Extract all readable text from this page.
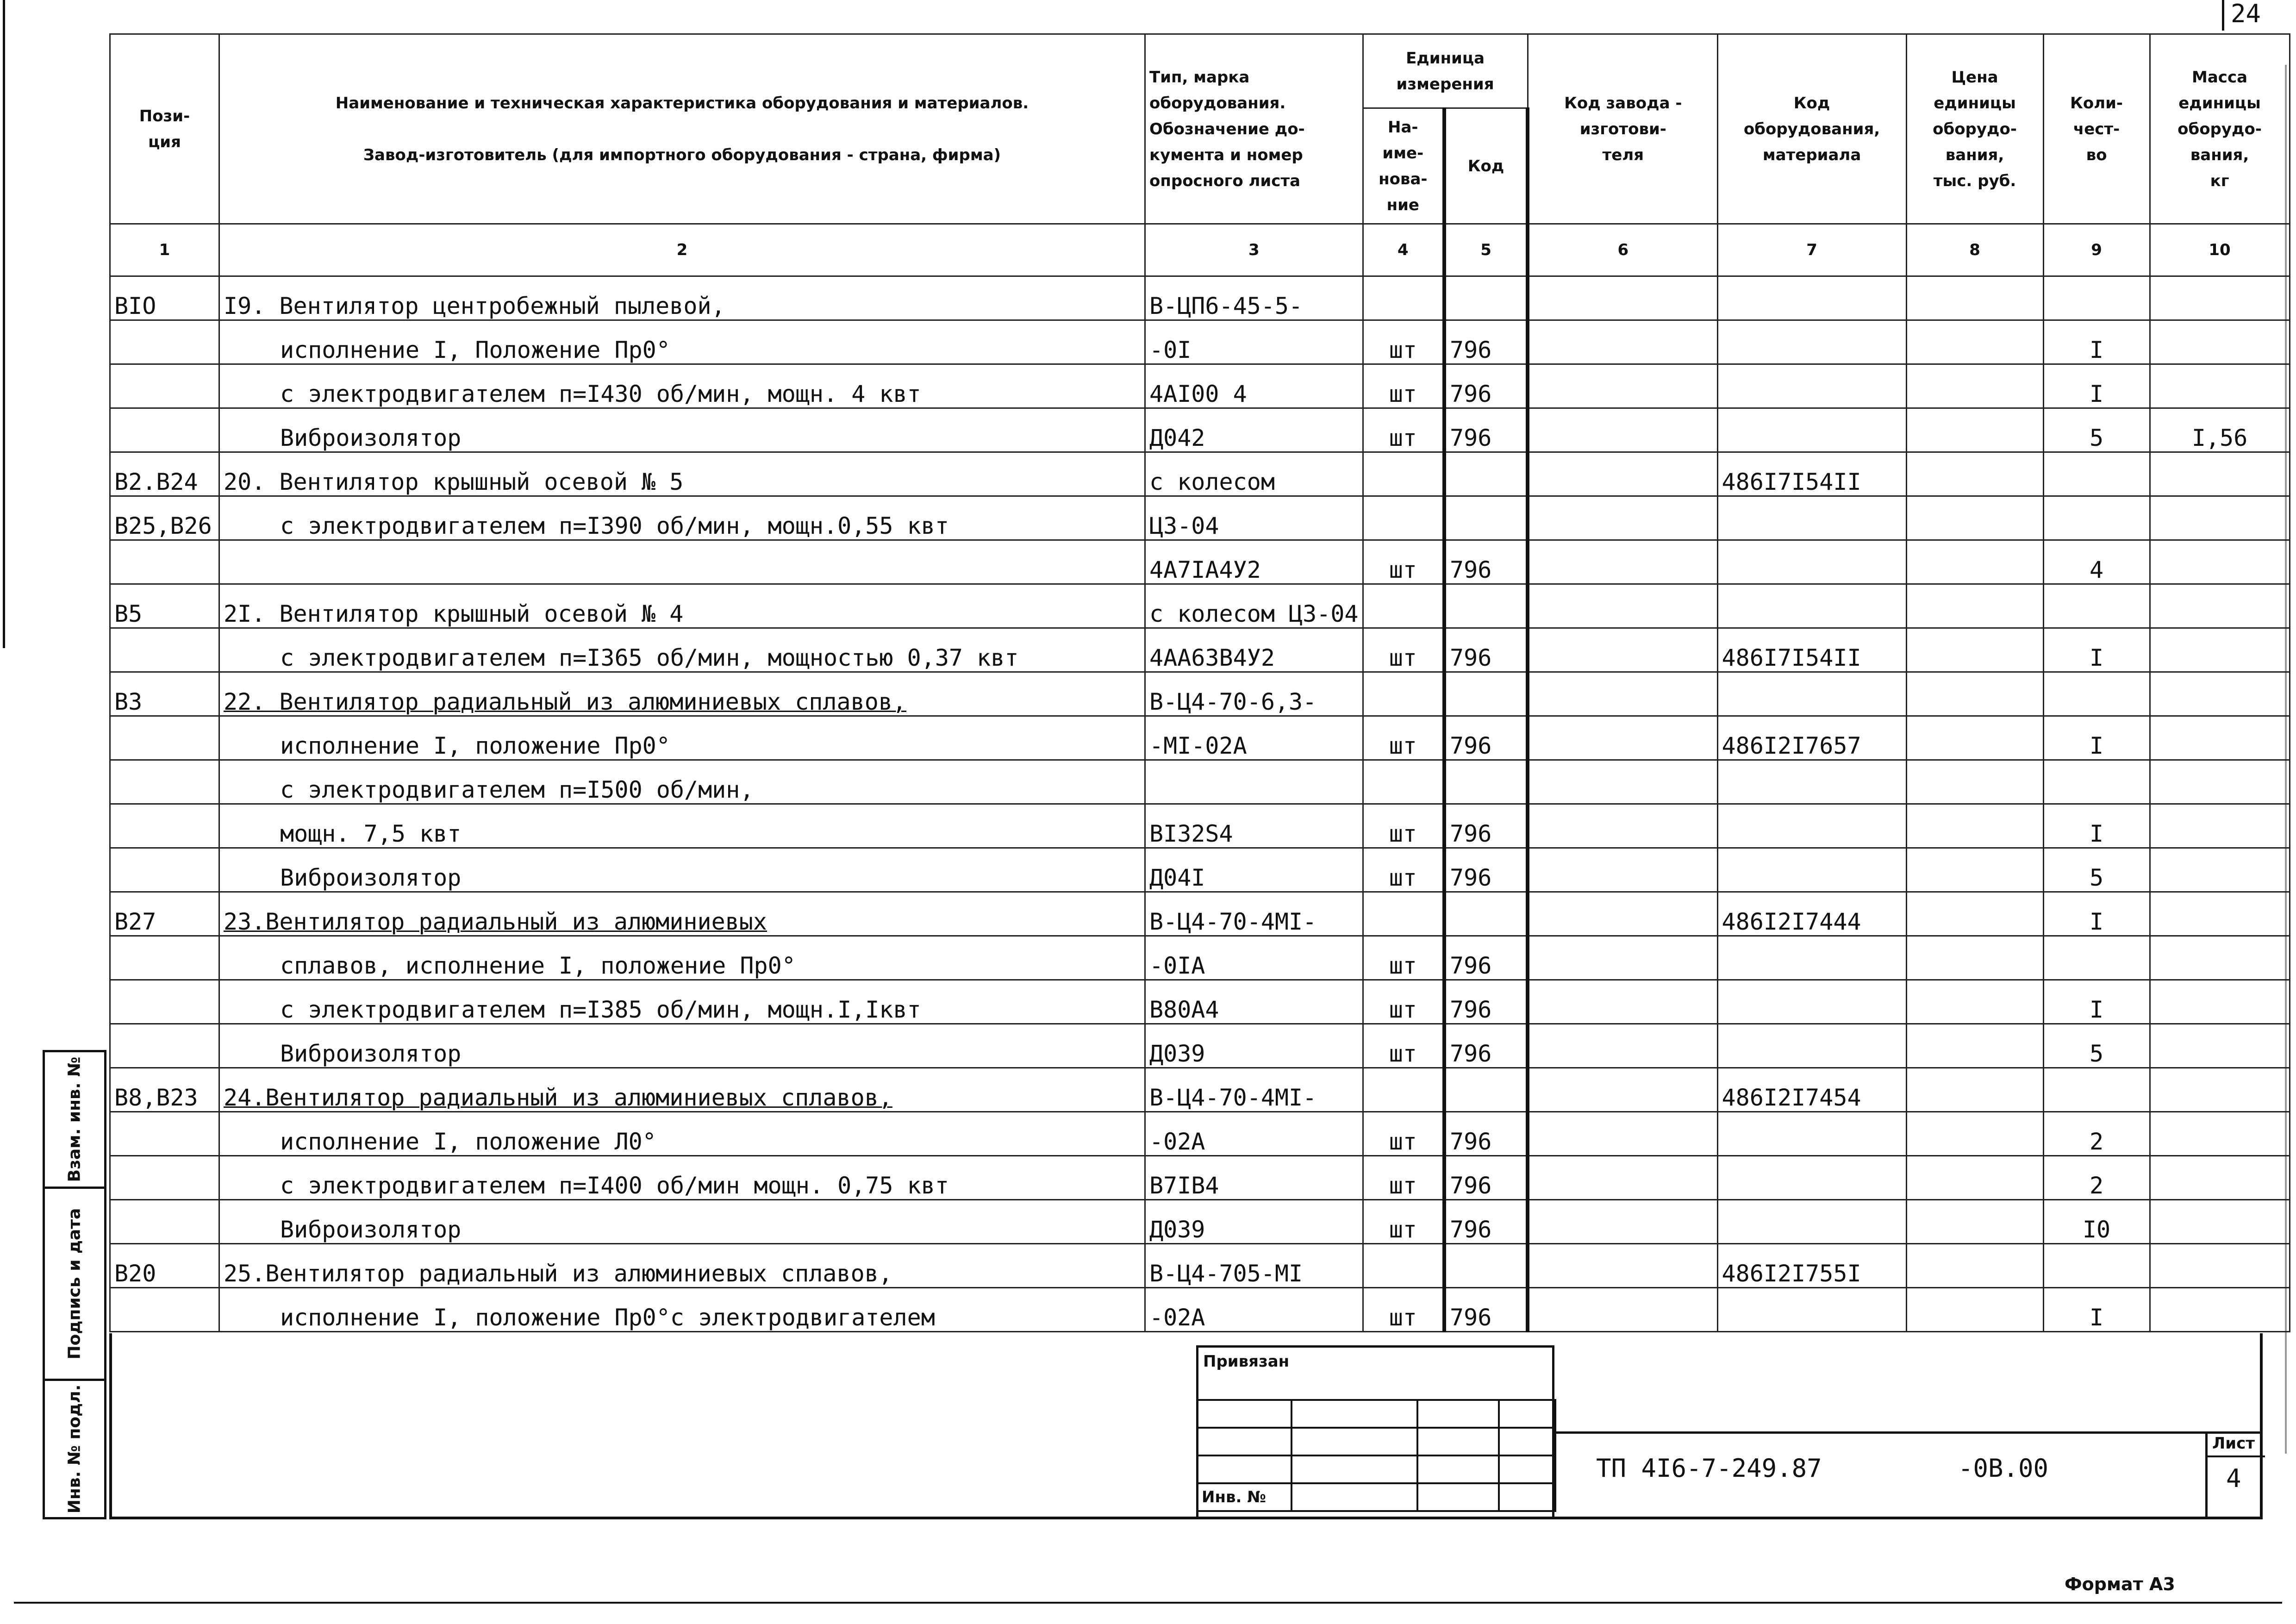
24
Пози-
ция	Наименование и техническая характеристика оборудования и материалов.

Завод-изготовитель (для импортного оборудования - страна, фирма)	Тип, марка
оборудования.
Обозначение до-
кумента и номер
опросного листа	Единица
измерения		Код завода -
изготови-
теля	Код
оборудования,
материала	Цена
единицы
оборудо-
вания,
тыс. руб.	Коли-
чест-
во	Масса
единицы
оборудо-
вания,
кг
			На-
име-
нова-
ние	Код					
1	2	3	4	5	6	7	8	9	10
BIO	I9. Вентилятор центробежный пылевой,	В-ЦП6-45-5-							
	исполнение I, Положение Пр0°	-0I	шт	796				I	
	с электродвигателем п=I430 об/мин, мощн. 4 квт	4AI00 4	шт	796				I	
	Виброизолятор	Д042	шт	796				5	I,56
B2.B24	20. Вентилятор крышный осевой № 5	с колесом				486I7I54II			
B25,B26	с электродвигателем п=I390 об/мин, мощн.0,55 квт	Ц3-04							
		4A7IA4У2	шт	796				4	
B5	2I. Вентилятор крышный осевой № 4	с колесом Ц3-04							
	с электродвигателем п=I365 об/мин, мощностью 0,37 квт	4AA63B4У2	шт	796		486I7I54II		I	
B3	22. Вентилятор радиальный из алюминиевых сплавов,	В-Ц4-70-6,3-							
	исполнение I, положение Пр0°	-MI-02A	шт	796		486I2I7657		I	
	с электродвигателем п=I500 об/мин,								
	мощн. 7,5 квт	BI32S4	шт	796				I	
	Виброизолятор	Д04I	шт	796				5	
B27	23.Вентилятор радиальный из алюминиевых	В-Ц4-70-4MI-				486I2I7444		I	
	сплавов, исполнение I, положение Пр0°	-0IA	шт	796					
	с электродвигателем п=I385 об/мин, мощн.I,Iквт	B80A4	шт	796				I	
	Виброизолятор	Д039	шт	796				5	
B8,B23	24.Вентилятор радиальный из алюминиевых сплавов,	В-Ц4-70-4MI-				486I2I7454			
	исполнение I, положение Л0°	-02A	шт	796				2	
	с электродвигателем п=I400 об/мин мощн. 0,75 квт	B7IB4	шт	796				2	
	Виброизолятор	Д039	шт	796				I0	
B20	25.Вентилятор радиальный из алюминиевых сплавов,	В-Ц4-705-MI				486I2I755I			
	исполнение I, положение Пр0°с электродвигателем	-02A	шт	796				I	
Взам. инв. №
Подпись и дата
Инв. № подл.
Привязан

Инв. №			
ТП 4I6-7-249.87	-0В.00
Лист
4
Формат А3
